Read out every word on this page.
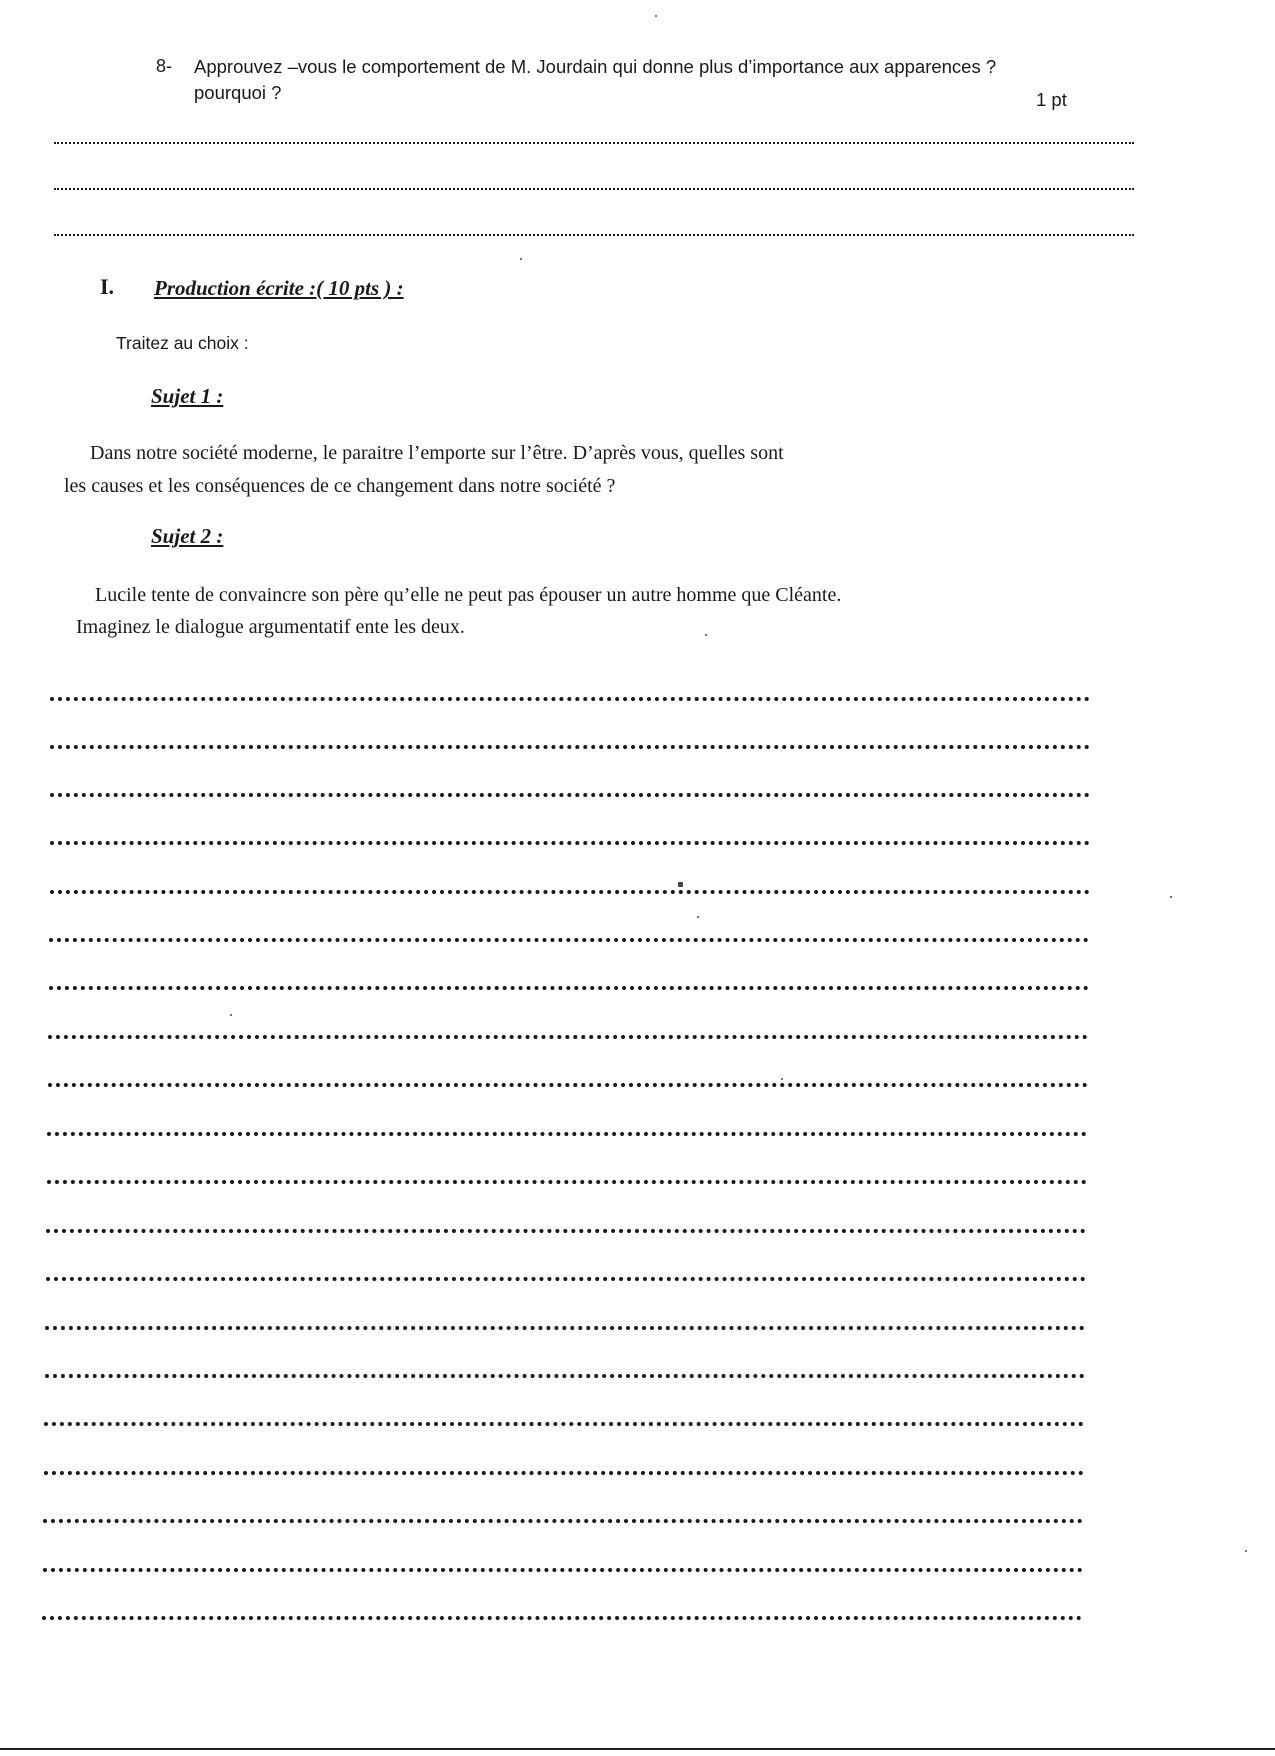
8- Approuvez –vous le comportement de M. Jourdain qui donne plus d’importance aux apparences ?
pourquoi ?	1 pt
I. Production écrite :( 10 pts ) :
Traitez au choix :
Sujet 1 :
Dans notre société moderne, le paraitre l’emporte sur l’être. D’après vous, quelles sont
les causes et les conséquences de ce changement dans notre société ?
Sujet 2 :
Lucile tente de convaincre son père qu’elle ne peut pas épouser un autre homme que Cléante.
Imaginez le dialogue argumentatif ente les deux.
